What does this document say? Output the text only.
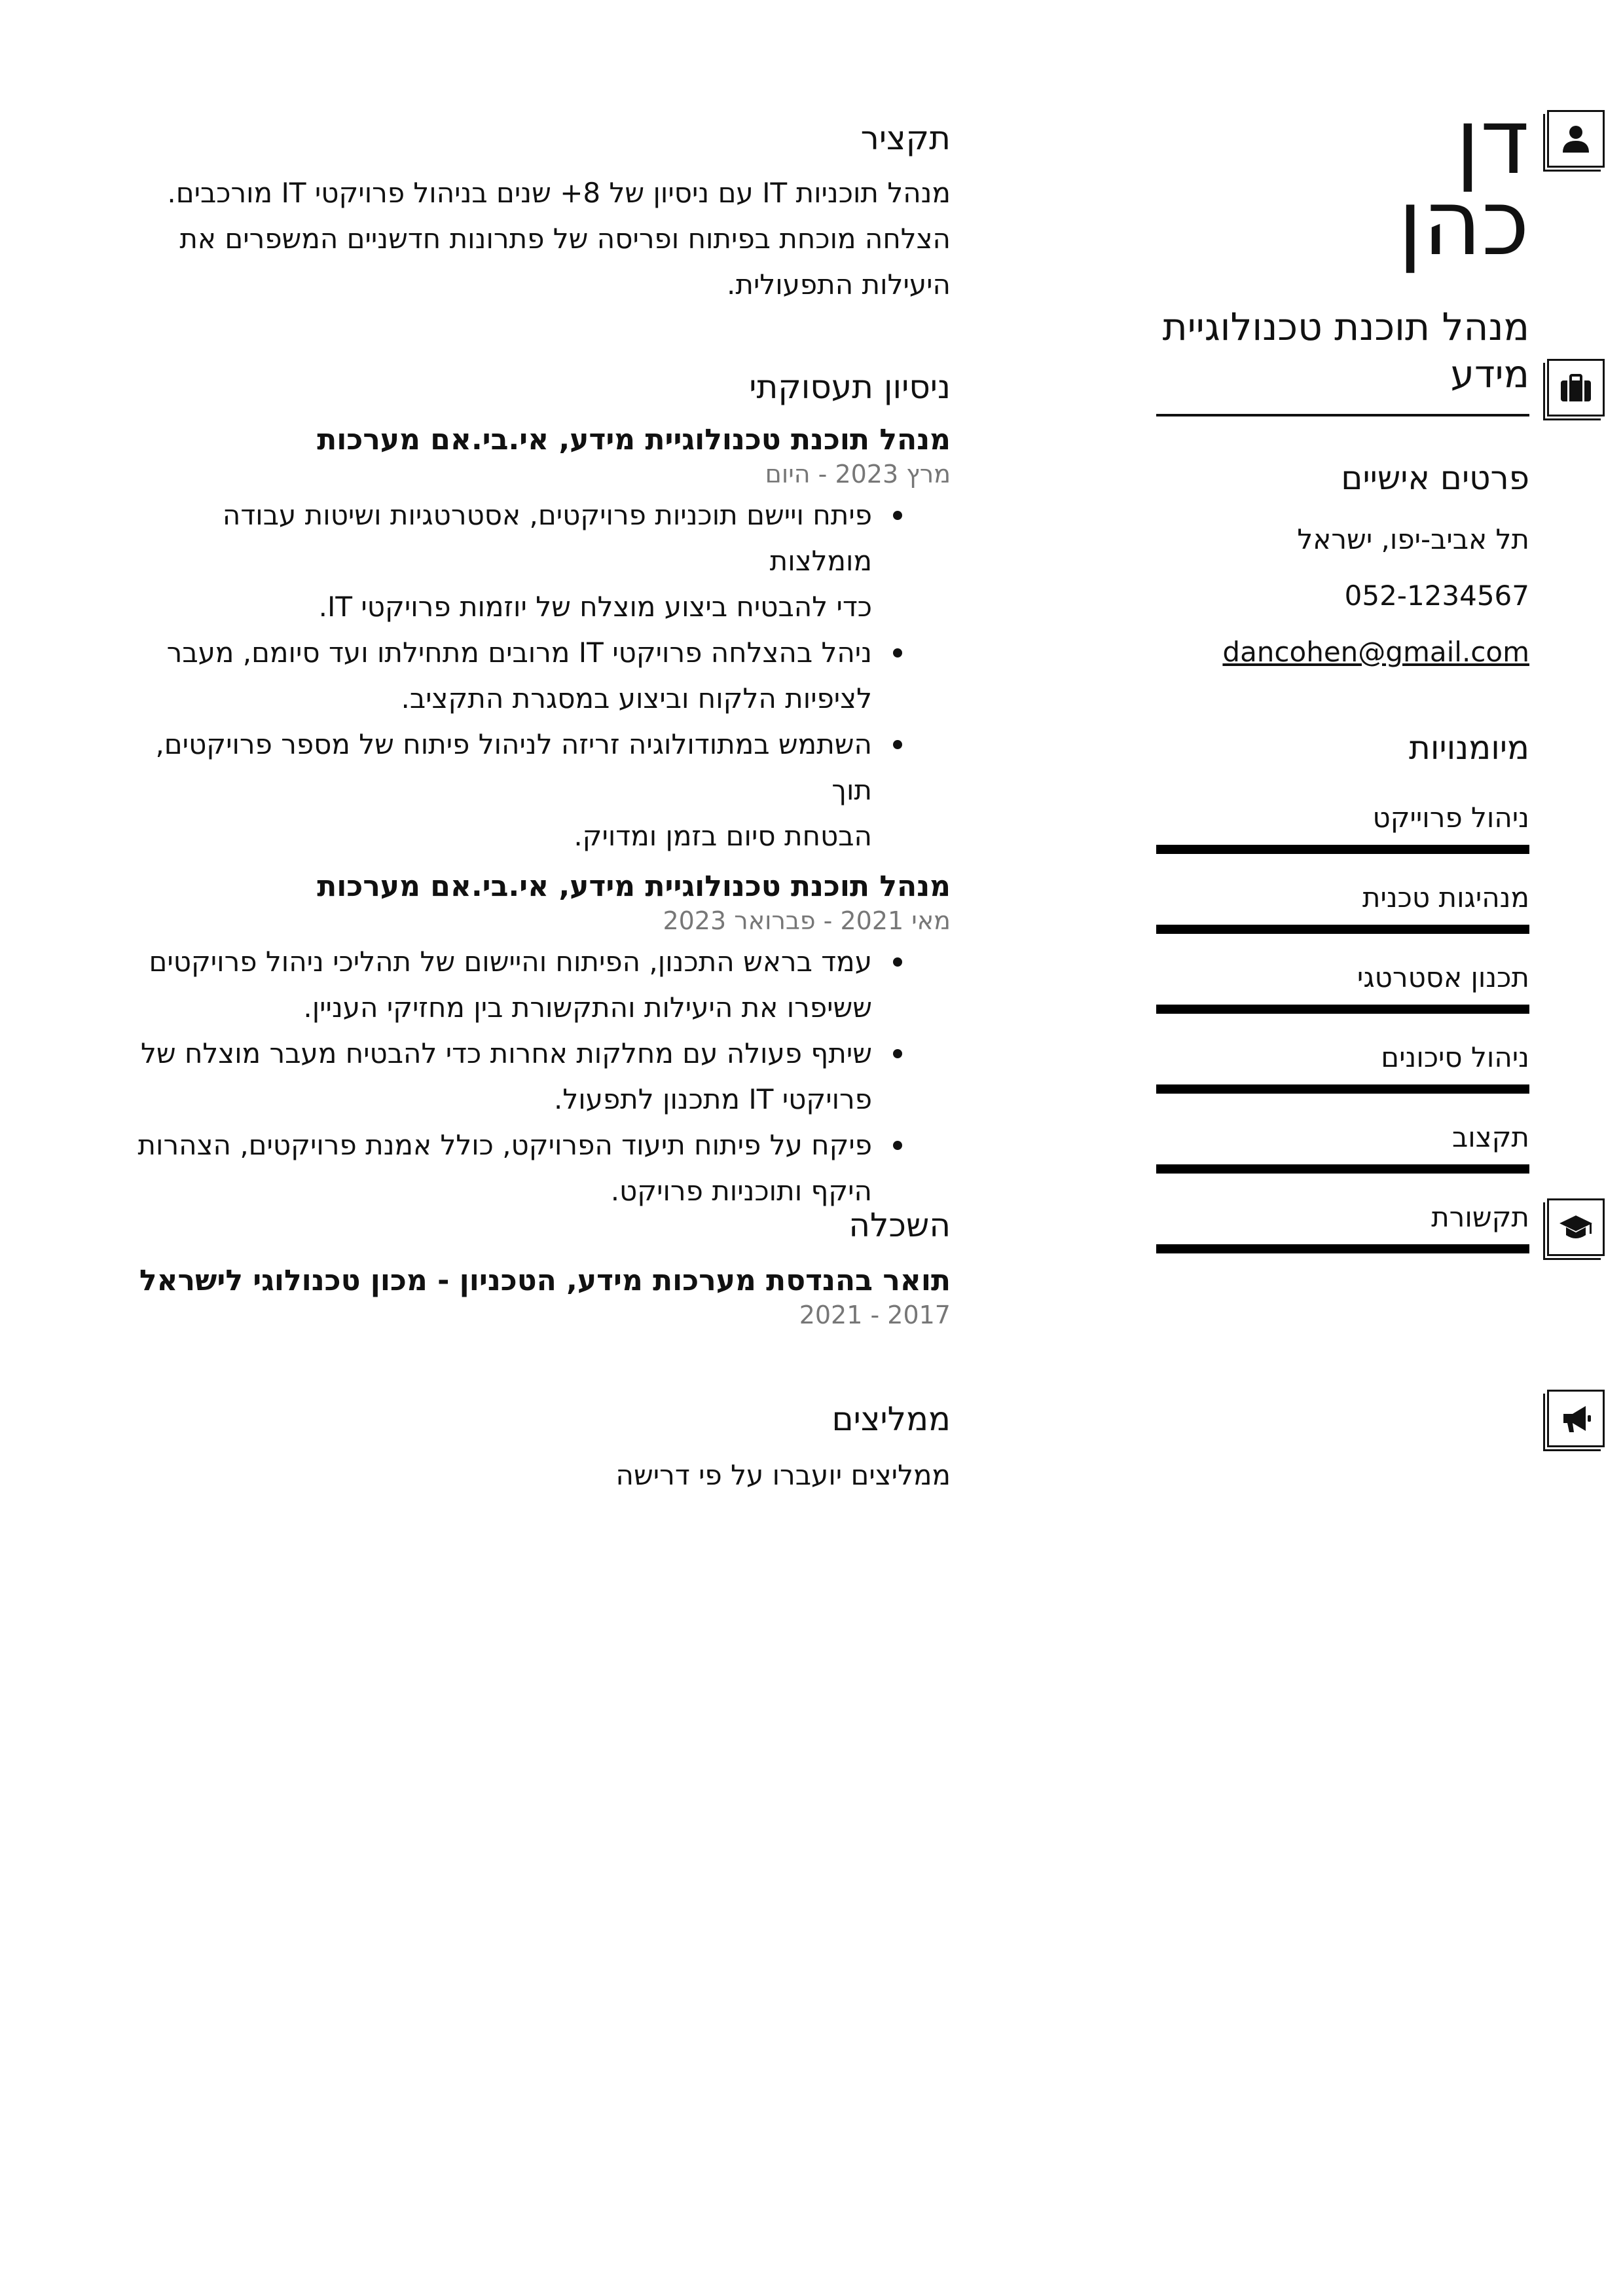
דן
כהן
מנהל תוכנת טכנולוגיית מידע
פרטים אישיים
תל אביב-יפו, ישראל
052-1234567
dancohen@gmail.com
מיומנויות
ניהול פרוייקט
מנהיגות טכנית
תכנון אסטרטגי
ניהול סיכונים
תקצוב
תקשורת
תקציר
מנהל תוכניות IT עם ניסיון של 8+ שנים בניהול פרויקטי IT מורכבים.
הצלחה מוכחת בפיתוח ופריסה של פתרונות חדשניים המשפרים את
היעילות התפעולית.
ניסיון תעסוקתי
מנהל תוכנת טכנולוגיית מידע, אי.בי.אם מערכות
מרץ 2023 - היום
פיתח ויישם תוכניות פרויקטים, אסטרטגיות ושיטות עבודה מומלצות
כדי להבטיח ביצוע מוצלח של יוזמות פרויקטי IT.
ניהל בהצלחה פרויקטי IT מרובים מתחילתו ועד סיומם, מעבר
לציפיות הלקוח וביצוע במסגרת התקציב.
השתמש במתודולוגיה זריזה לניהול פיתוח של מספר פרויקטים, תוך
הבטחת סיום בזמן ומדויק.
מנהל תוכנת טכנולוגיית מידע, אי.בי.אם מערכות
מאי 2021 - פברואר 2023
עמד בראש התכנון, הפיתוח והיישום של תהליכי ניהול פרויקטים
ששיפרו את היעילות והתקשורת בין מחזיקי העניין.
שיתף פעולה עם מחלקות אחרות כדי להבטיח מעבר מוצלח של
פרויקטי IT מתכנון לתפעול.
פיקח על פיתוח תיעוד הפרויקט, כולל אמנת פרויקטים, הצהרות
היקף ותוכניות פרויקט.
השכלה
תואר בהנדסת מערכות מידע, הטכניון - מכון טכנולוגי לישראל
2017 - 2021
ממליצים
ממליצים יועברו על פי דרישה
